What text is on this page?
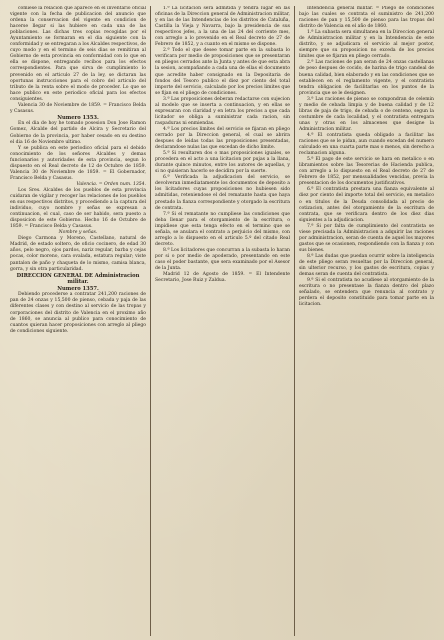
comiese la relacion que aparece en el inventario oficial vigente con la fecha de publicacion del anuncio que ordena la conservacion del vigente en condicion de hacerse llegar si las hubiere en cada una de las poblaciones. Las dichas tres copias recogidas por el Ayuntamiento se formaran en el dia siguiente con la conformidad y se entregaran a los Alcaldes respectivos, de cuyo modo y en el termino de seis dias se remitiran al Gobierno de esta provincia en conformidad con lo que en ella se dispone, entregando recibos para los efectos correspondientes. Para que sirva de cumplimiento lo prevenido en el articulo 27 de la ley, se dictaran las oportunas instrucciones para el cobro del articulo del tributo de la renta sobre el modo de proceder. Lo que se hace publico en este periodico oficial para los efectos consiguientes.

Valencia 30 de Noviembre de 1859. = Francisco Belda y Casasus.

Numero 1353.

En el dia de hoy he tomado posesion Don Jose Ramon Gomez, Alcalde del partido de Alcira y Secretario del Gobierno de la provincia, por haber cesado en su destino el dia 16 de Noviembre ultimo.

Y se publica en este periodico oficial para el debido conocimiento de los señores Alcaldes y demas funcionarios y autoridades de esta provincia, segun lo dispuesto en el Real decreto de 12 de Octubre de 1859. Valencia 30 de Noviembre de 1859. = El Gobernador, Francisco Belda y Casasus.

Valencia. = Orden num. 1354.

Los Sres. Alcaldes de los pueblos de esta provincia cuidaran de vigilar y recoger las relaciones de los pueblos en sus respectivos distritos, y procediendo a la captura del individuo, cuyo nombre y señas se expresan a continuacion, el cual, caso de ser habido, sera puesto a disposicion de este Gobierno. Hecho 16 de Octubre de 1859. = Francisco Belda y Casasus.

Nombre y señas.

Diego Carmona y Moreno, Castellano, natural de Madrid, de estado soltero, de oficio cocinero, de edad 30 años, pelo negro, ojos pardos, nariz regular, barba y cejas pocas, color moreno, cara ovalada, estatura regular; viste pantalon de paño y chaqueta de lo mismo, camisa blanca, gorra, y sin otra particularidad.

DIRECCION GENERAL DE Administracion militar.

Numero 1357.

Debiendo procederse a contratar 241,200 raciones de pan de 24 onzas y 15,500 de pienso, cebada y paja de las diferentes clases y con destino al servicio de las tropas y corporaciones del distrito de Valencia en el proximo año de 1860, se anuncia al publico para conocimiento de cuantos quieran hacer proposiciones con arreglo al pliego de condiciones siguiente.

1.ª La licitacion sera admitida y tendra lugar en las oficinas de la Direccion general de Administracion militar, y en las de las Intendencias de los distritos de Cataluña, Castilla la Vieja y Navarra, bajo la presidencia de sus respectivos jefes, a la una de las 24 del corriente mes, con arreglo a lo prevenido en el Real decreto de 27 de Febrero de 1852, y a cuanto en el mismo se dispone.

2.ª Todo el que desee tomar parte en la subasta lo verificara por medio de proposiciones que se presentaran en pliegos cerrados ante la Junta y antes de que esta abra la sesion, acompañando a cada una de ellas el documento que acredite haber consignado en la Depositaria de fondos del Tesoro publico el diez por ciento del total importe del servicio, calculado por los precios limites que se fijan en el pliego de condiciones.

3.ª Las proposiciones deberan redactarse con sujecion al modelo que se inserta a continuacion, y en ellas se expresaran con claridad y en letra los precios a que cada licitador se obliga a suministrar cada racion, sin raspaduras ni enmiendas.

4.ª Los precios limites del servicio se fijaran en pliego cerrado por la Direccion general, el cual se abrira despues de leidas todas las proposiciones presentadas, declarandose nulas las que excedan de dicho limite.

5.ª Si resultaren dos o mas proposiciones iguales, se procedera en el acto a una licitacion por pujas a la llana, durante quince minutos, entre los autores de aquellas, y si no quisieran hacerlo se decidira por la suerte.

6.ª Verificada la adjudicacion del servicio, se devolveran inmediatamente los documentos de deposito a los licitadores cuyas proposiciones no hubiesen sido admitidas, reteniendose el del rematante hasta que haya prestado la fianza correspondiente y otorgado la escritura de contrata.

7.ª Si el rematante no cumpliese las condiciones que deba llenar para el otorgamiento de la escritura, o impidiese que esta tenga efecto en el termino que se señala, se anulara el contrato a perjuicio del mismo, con arreglo a lo dispuesto en el articulo 5.º del citado Real decreto.

8.ª Los licitadores que concurran a la subasta lo haran por si o por medio de apoderado, presentando en este caso el poder bastante, que sera examinado por el Asesor de la Junta.

Madrid 12 de Agosto de 1859. = El Intendente Secretario, Jose Ruiz y Zaldua.

Intendencia general militar. = Pliego de condiciones bajo las cuales se contrata el suministro de 241,200 raciones de pan y 15,500 de pienso para las tropas del distrito de Valencia en el año de 1860.

1.ª La subasta sera simultanea en la Direccion general de Administracion militar y en la Intendencia de este distrito, y se adjudicara el servicio al mejor postor, siempre que su proposicion no exceda de los precios limites que se fijaran en pliego cerrado.

2.ª Las raciones de pan seran de 24 onzas castellanas de peso despues de cocido, de harina de trigo candeal de buena calidad, bien elaborado y en las condiciones que se establecen en el reglamento vigente, y el contratista tendra obligacion de facilitarlas en los puntos de la provincia que se le designen.

3.ª Las raciones de pienso se compondran de celemin y medio de cebada limpia y de buena calidad y de 12 libras de paja de trigo, de cebada o de centeno, segun la costumbre de cada localidad, y el contratista entregara unas y otras en los almacenes que designe la Administracion militar.

4.ª El contratista queda obligado a facilitar las raciones que se le pidan, aun cuando excedan del numero calculado en una cuarta parte mas o menos, sin derecho a reclamacion alguna.

5.ª El pago de este servicio se hara en metalico o en libramientos sobre las Tesorerias de Hacienda publica, con arreglo a lo dispuesto en el Real decreto de 27 de Febrero de 1852, por mensualidades vencidas, previa la presentacion de los documentos justificativos.

6.ª El contratista prestara una fianza equivalente al diez por ciento del importe total del servicio, en metalico o en titulos de la Deuda consolidada al precio de cotizacion, antes del otorgamiento de la escritura de contrata, que se verificara dentro de los diez dias siguientes a la adjudicacion.

7.ª Si por falta de cumplimiento del contratista se viese precisada la Administracion a adquirir las raciones por administracion, seran de cuenta de aquel los mayores gastos que se ocasionen, respondiendo con la fianza y con sus bienes.

8.ª Las dudas que puedan ocurrir sobre la inteligencia de este pliego seran resueltas por la Direccion general, sin ulterior recurso, y los gastos de escritura, copias y demas seran de cuenta del contratista.

9.ª Si el contratista no acudiese al otorgamiento de la escritura o no presentase la fianza dentro del plazo señalado, se entendera que renuncia al contrato y perdera el deposito constituido para tomar parte en la licitacion.
